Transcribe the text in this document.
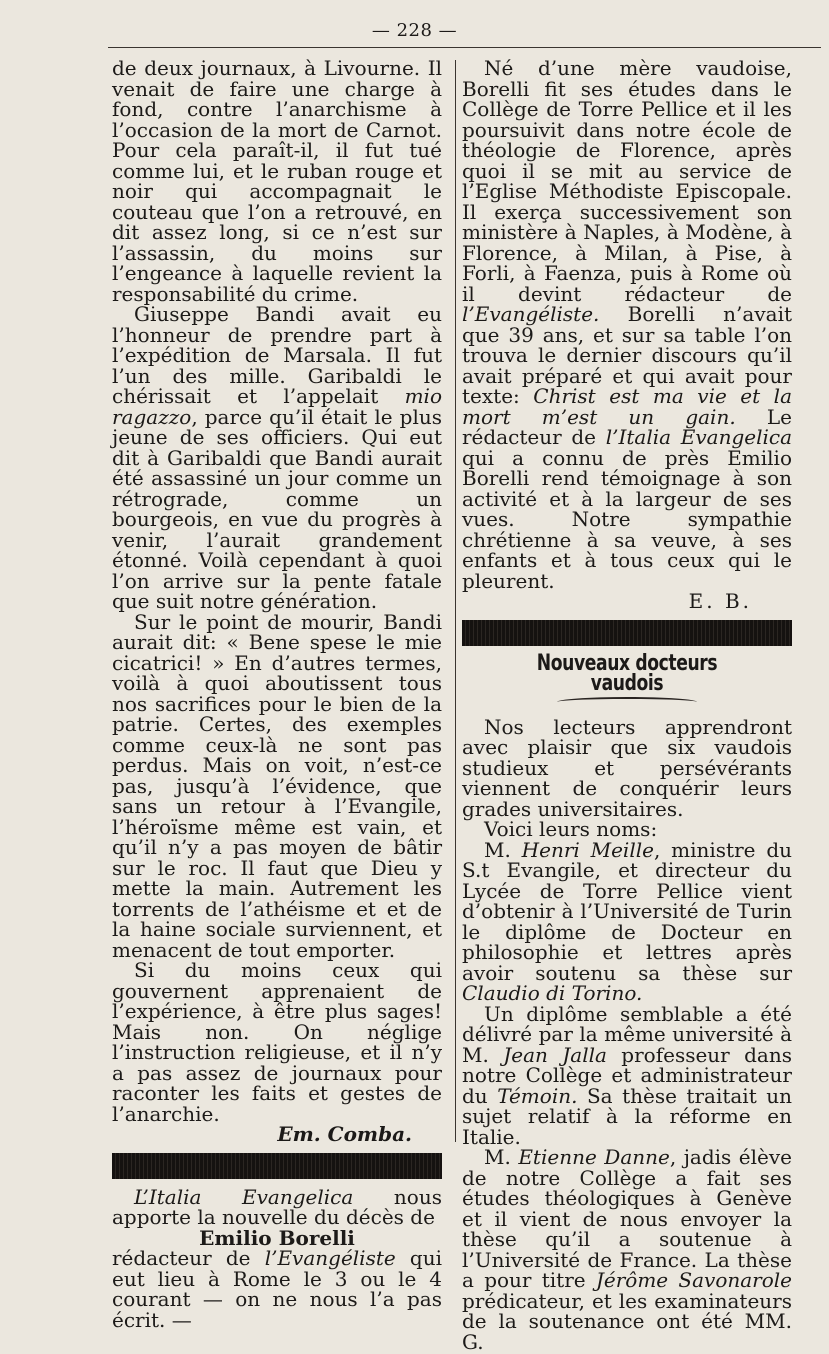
— 228 —

de deux journaux, à Livourne. Il venait de faire une charge à fond, contre l’anarchisme à l’occasion de la mort de Carnot. Pour cela paraît-il, il fut tué comme lui, et le ruban rouge et noir qui accompagnait le couteau que l’on a retrouvé, en dit assez long, si ce n’est sur l’assassin, du moins sur l’engeance à laquelle revient la responsabilité du crime.

Giuseppe Bandi avait eu l’honneur de prendre part à l’expédition de Marsala. Il fut l’un des mille. Garibaldi le chérissait et l’appelait mio ragazzo, parce qu’il était le plus jeune de ses officiers. Qui eut dit à Garibaldi que Bandi aurait été assassiné un jour comme un rétrograde, comme un bourgeois, en vue du progrès à venir, l’aurait grandement étonné. Voilà cependant à quoi l’on arrive sur la pente fatale que suit notre génération.

Sur le point de mourir, Bandi aurait dit: « Bene spese le mie cicatrici! » En d’autres termes, voilà à quoi aboutissent tous nos sacrifices pour le bien de la patrie. Certes, des exemples comme ceux-là ne sont pas perdus. Mais on voit, n’est-ce pas, jusqu’à l’évidence, que sans un retour à l’Evangile, l’héroïsme même est vain, et qu’il n’y a pas moyen de bâtir sur le roc. Il faut que Dieu y mette la main. Autrement les torrents de l’athéisme et et de la haine sociale surviennent, et menacent de tout emporter.

Si du moins ceux qui gouvernent apprenaient de l’expérience, à être plus sages! Mais non. On néglige l’instruction religieuse, et il n’y a pas assez de journaux pour raconter les faits et gestes de l’anarchie.

Em. Comba.

L’Italia Evangelica nous apporte la nouvelle du décès de

Emilio Borelli

rédacteur de l’Evangéliste qui eut lieu à Rome le 3 ou le 4 courant — on ne nous l’a pas écrit. —

Né d’une mère vaudoise, Borelli fit ses études dans le Collège de Torre Pellice et il les poursuivit dans notre école de théologie de Florence, après quoi il se mit au service de l’Eglise Méthodiste Episcopale. Il exerça successivement son ministère à Naples, à Modène, à Florence, à Milan, à Pise, à Forli, à Faenza, puis à Rome où il devint rédacteur de l’Evangéliste. Borelli n’avait que 39 ans, et sur sa table l’on trouva le dernier discours qu’il avait préparé et qui avait pour texte: Christ est ma vie et la mort m’est un gain. Le rédacteur de l’Italia Evangelica qui a connu de près Emilio Borelli rend témoignage à son activité et à la largeur de ses vues. Notre sympathie chrétienne à sa veuve, à ses enfants et à tous ceux qui le pleurent.

E. B.

Nouveaux docteurs vaudois

Nos lecteurs apprendront avec plaisir que six vaudois studieux et persévérants viennent de conquérir leurs grades universitaires.

Voici leurs noms:

M. Henri Meille, ministre du S.t Evangile, et directeur du Lycée de Torre Pellice vient d’obtenir à l’Université de Turin le diplôme de Docteur en philosophie et lettres après avoir soutenu sa thèse sur Claudio di Torino.

Un diplôme semblable a été délivré par la même université à M. Jean Jalla professeur dans notre Collège et administrateur du Témoin. Sa thèse traitait un sujet relatif à la réforme en Italie.

M. Etienne Danne, jadis élève de notre Collège a fait ses études théologiques à Genève et il vient de nous envoyer la thèse qu’il a soutenue à l’Université de France. La thèse a pour titre Jérôme Savonarole prédicateur, et les examinateurs de la soutenance ont été MM. G.
